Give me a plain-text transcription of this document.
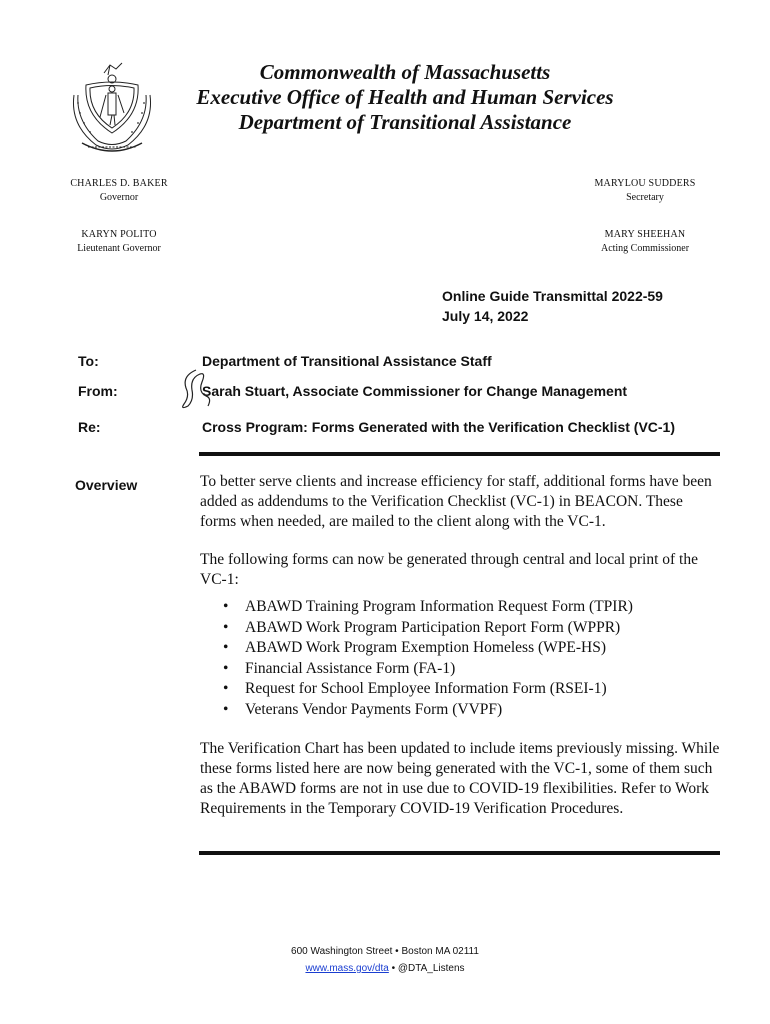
Commonwealth of Massachusetts
Executive Office of Health and Human Services
Department of Transitional Assistance
CHARLES D. BAKER
Governor
KARYN POLITO
Lieutenant Governor
MARYLOU SUDDERS
Secretary
MARY SHEEHAN
Acting Commissioner
Online Guide Transmittal 2022-59
July 14, 2022
To:	Department of Transitional Assistance Staff
From:	Sarah Stuart, Associate Commissioner for Change Management
Re:	Cross Program: Forms Generated with the Verification Checklist (VC-1)
Overview	To better serve clients and increase efficiency for staff, additional forms have been added as addendums to the Verification Checklist (VC-1) in BEACON. These forms when needed, are mailed to the client along with the VC-1.
The following forms can now be generated through central and local print of the VC-1:
• ABAWD Training Program Information Request Form (TPIR)
• ABAWD Work Program Participation Report Form (WPPR)
• ABAWD Work Program Exemption Homeless (WPE-HS)
• Financial Assistance Form (FA-1)
• Request for School Employee Information Form (RSEI-1)
• Veterans Vendor Payments Form (VVPF)
The Verification Chart has been updated to include items previously missing. While these forms listed here are now being generated with the VC-1, some of them such as the ABAWD forms are not in use due to COVID-19 flexibilities. Refer to Work Requirements in the Temporary COVID-19 Verification Procedures.
600 Washington Street • Boston MA 02111
www.mass.gov/dta • @DTA_Listens
